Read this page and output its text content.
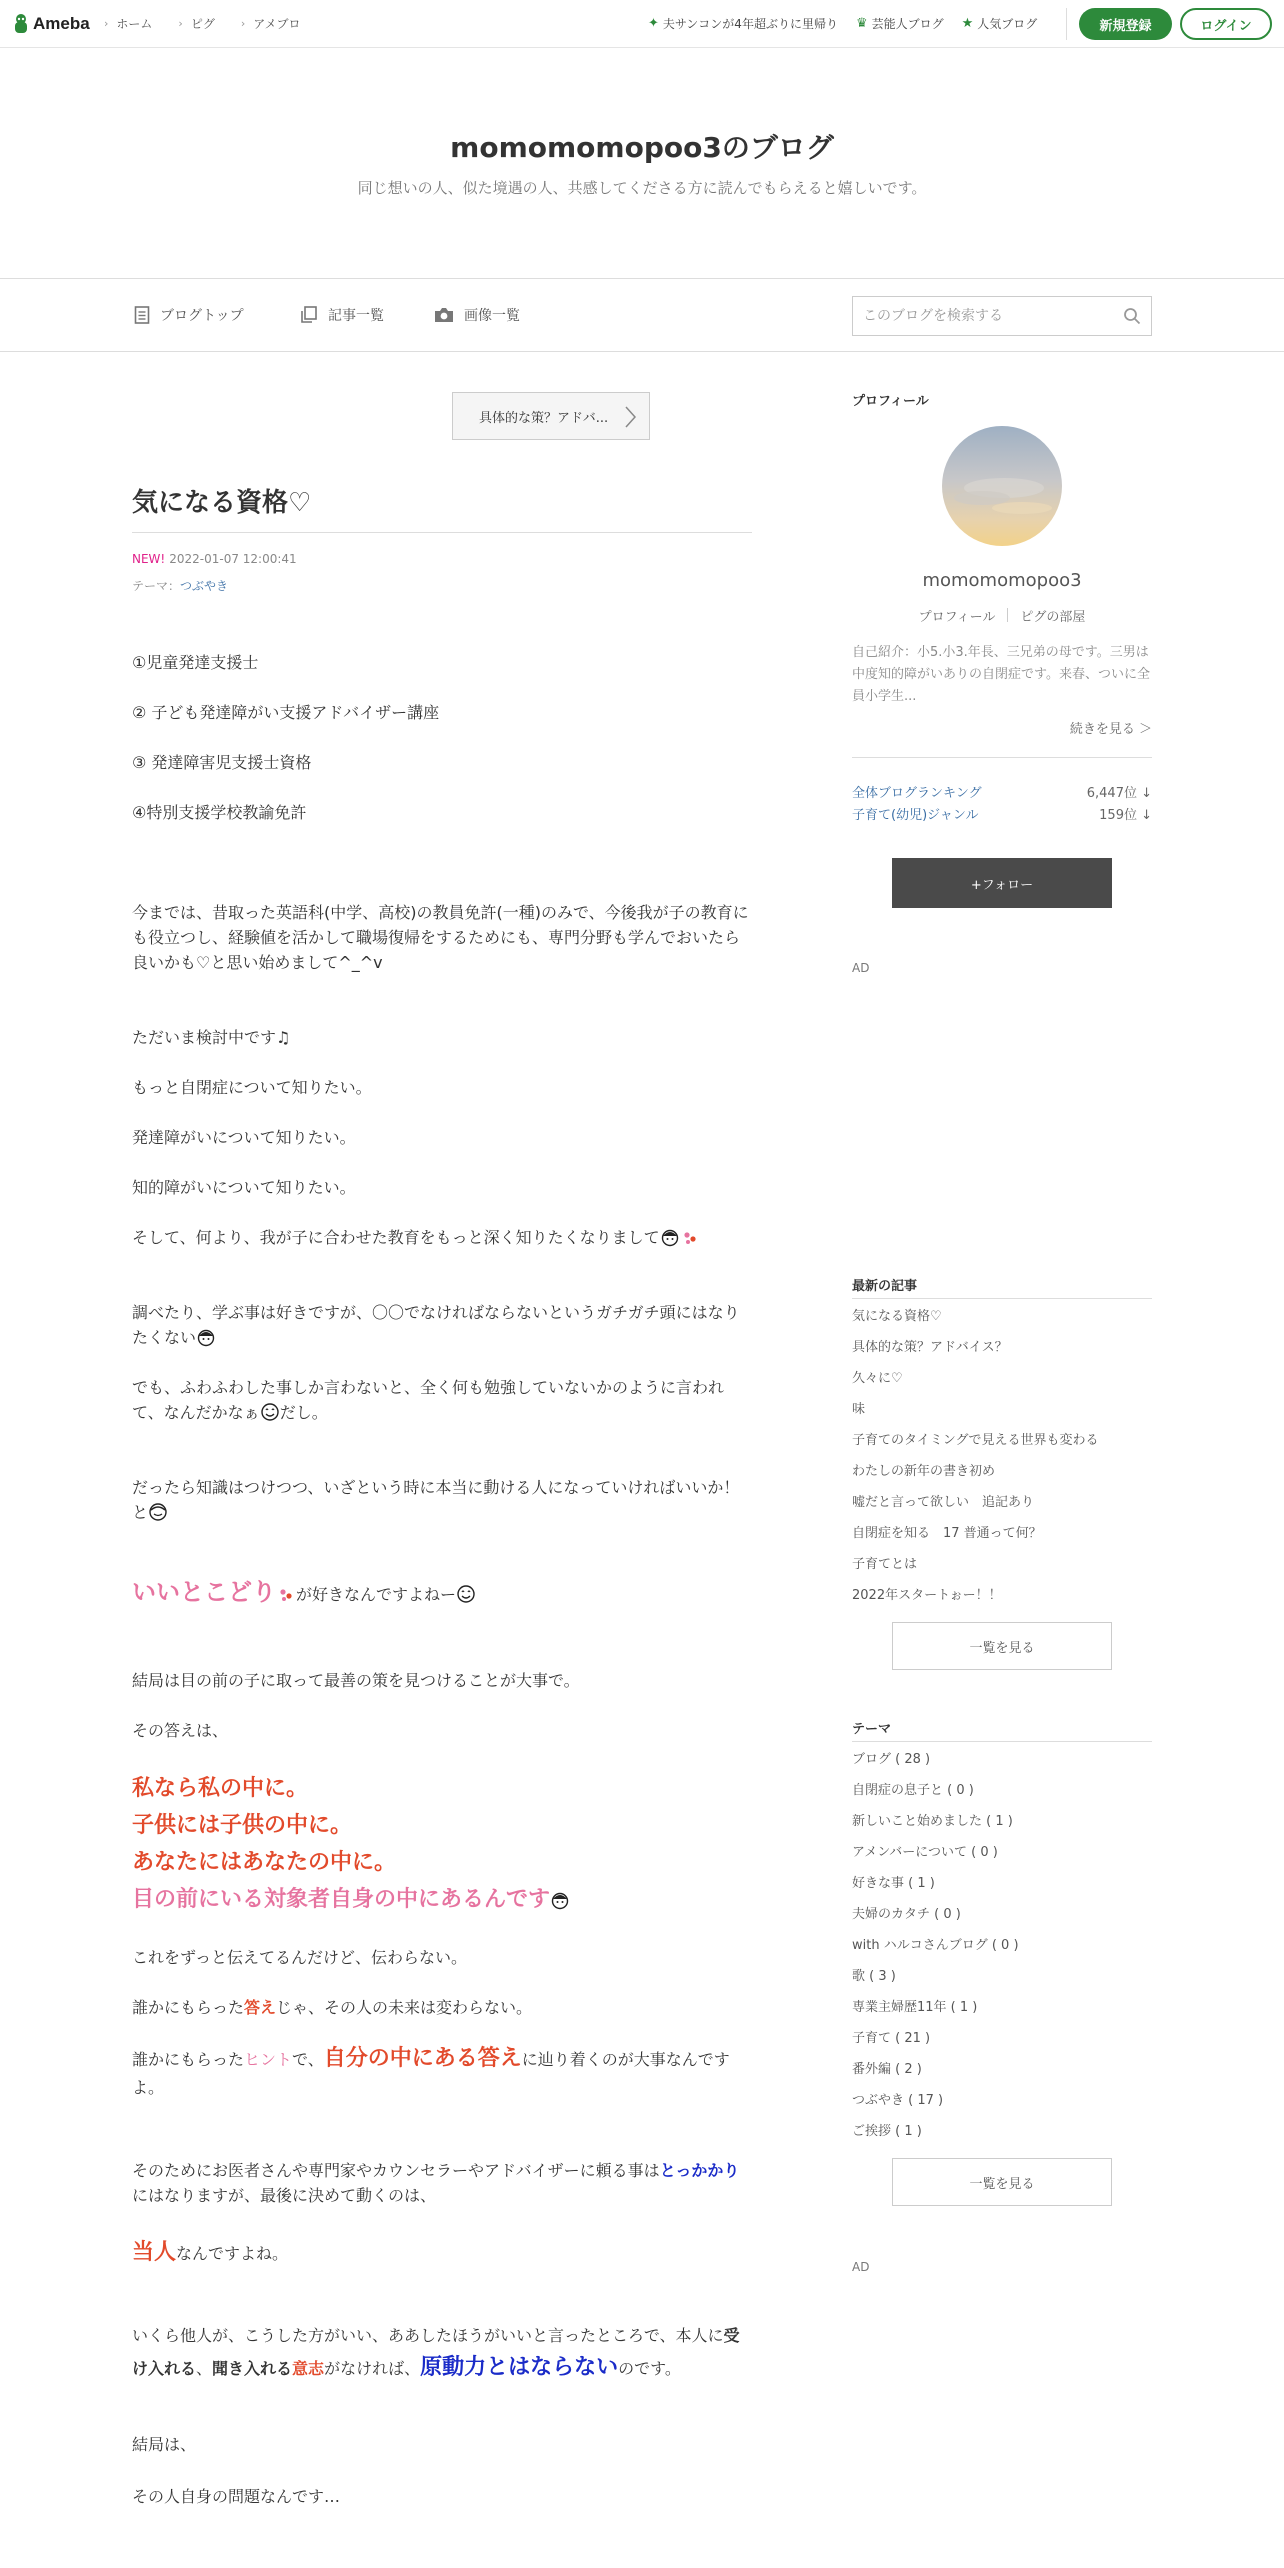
Ameba › ホーム › ピグ › アメブロ	✦ 夫サンコンが4年超ぶりに里帰り ♛ 芸能人ブログ ★ 人気ブログ	新規登録	ログイン
momomomopoo3のブログ
同じ想いの人、似た境遇の人、共感してくださる方に読んでもらえると嬉しいです。
ブログトップ	記事一覧	画像一覧
このブログを検索する
具体的な策？アドバ...
気になる資格♡
NEW! 2022-01-07 12:00:41
テーマ：つぶやき
①児童発達支援士
② 子ども発達障がい支援アドバイザー講座
③ 発達障害児支援士資格
④特別支援学校教諭免許
今までは、昔取った英語科(中学、高校)の教員免許(一種)のみで、今後我が子の教育にも役立つし、経験値を活かして職場復帰をするためにも、専門分野も学んでおいたら良いかも♡と思い始めまして^_^v
ただいま検討中です♫
もっと自閉症について知りたい。
発達障がいについて知りたい。
知的障がいについて知りたい。
そして、何より、我が子に合わせた教育をもっと深く知りたくなりまして
調べたり、学ぶ事は好きですが、〇〇でなければならないというガチガチ頭にはなりたくない
でも、ふわふわした事しか言わないと、全く何も勉強していないかのように言われて、なんだかなぁ だし。
だったら知識はつけつつ、いざという時に本当に動ける人になっていければいいか！と
いいとこどり が好きなんですよねー
結局は目の前の子に取って最善の策を見つけることが大事で。
その答えは、
私なら私の中に。
子供には子供の中に。
あなたにはあなたの中に。
目の前にいる対象者自身の中にあるんです
これをずっと伝えてるんだけど、伝わらない。
誰かにもらった答えじゃ、その人の未来は変わらない。
誰かにもらったヒントで、自分の中にある答えに辿り着くのが大事なんですよ。
そのためにお医者さんや専門家やカウンセラーやアドバイザーに頼る事はとっかかりにはなりますが、最後に決めて動くのは、
当人なんですよね。
いくら他人が、こうした方がいい、ああしたほうがいいと言ったところで、本人に受け入れる、聞き入れる意志がなければ、原動力とはならないのです。
結局は、
その人自身の問題なんです…
プロフィール
momomomopoo3
プロフィール ピグの部屋
自己紹介：小5.小3.年長、三兄弟の母です。三男は中度知的障がいありの自閉症です。来春、ついに全員小学生...
続きを見る ＞
全体ブログランキング	6,447位 ↓
子育て(幼児)ジャンル	159位 ↓
+フォロー
AD
最新の記事
気になる資格♡
具体的な策？アドバイス？
久々に♡
味
子育てのタイミングで見える世界も変わる
わたしの新年の書き初め
嘘だと言って欲しい　追記あり
自閉症を知る　17 普通って何？
子育てとは
2022年スタートぉー！！
一覧を見る
テーマ
ブログ ( 28 )
自閉症の息子と ( 0 )
新しいこと始めました ( 1 )
アメンバーについて ( 0 )
好きな事 ( 1 )
夫婦のカタチ ( 0 )
with ハルコさんブログ ( 0 )
歌 ( 3 )
専業主婦歴11年 ( 1 )
子育て ( 21 )
番外編 ( 2 )
つぶやき ( 17 )
ご挨拶 ( 1 )
一覧を見る
AD
